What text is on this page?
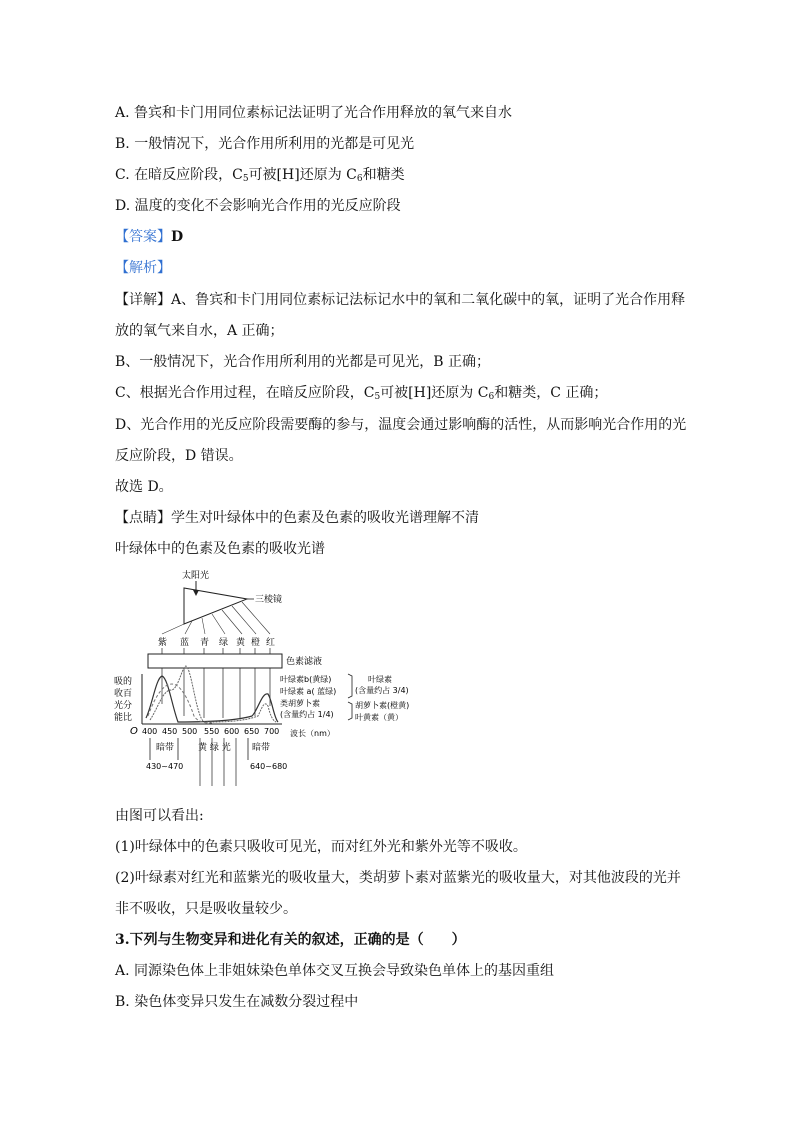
A. 鲁宾和卡门用同位素标记法证明了光合作用释放的氧气来自水
B. 一般情况下，光合作用所利用的光都是可见光
C. 在暗反应阶段，$C_5$可被[H]还原为 $C_6$和糖类
D. 温度的变化不会影响光合作用的光反应阶段
【答案】D
【解析】
【详解】A、鲁宾和卡门用同位素标记法标记水中的氧和二氧化碳中的氧，证明了光合作用释
放的氧气来自水，A 正确；
B、一般情况下，光合作用所利用的光都是可见光，B 正确；
C、根据光合作用过程，在暗反应阶段，$C_5$可被[H]还原为 $C_6$和糖类，C 正确；
D、光合作用的光反应阶段需要酶的参与，温度会通过影响酶的活性，从而影响光合作用的光
反应阶段，D 错误。
故选 D。
【点睛】学生对叶绿体中的色素及色素的吸收光谱理解不清
叶绿体中的色素及色素的吸收光谱
太阳光
三棱镜
紫 蓝 青 绿 黄 橙 红
色素滤液
吸的
收百
光分
能比
O 400 450 500 550 600 650 700 波长（nm）
叶绿素b(黄绿)
叶绿素 a( 蓝绿)
类胡萝卜素
(含量约占 1/4)
叶绿素
(含量约占 3/4)
胡萝卜素(橙黄)
叶黄素（黄）
暗带
430~470
黄 绿 光 暗带
640~680
由图可以看出:
(1)叶绿体中的色素只吸收可见光，而对红外光和紫外光等不吸收。
(2)叶绿素对红光和蓝紫光的吸收量大，类胡萝卜素对蓝紫光的吸收量大，对其他波段的光并
非不吸收，只是吸收量较少。
3.下列与生物变异和进化有关的叙述，正确的是（　　）
A. 同源染色体上非姐妹染色单体交叉互换会导致染色单体上的基因重组
B. 染色体变异只发生在减数分裂过程中
